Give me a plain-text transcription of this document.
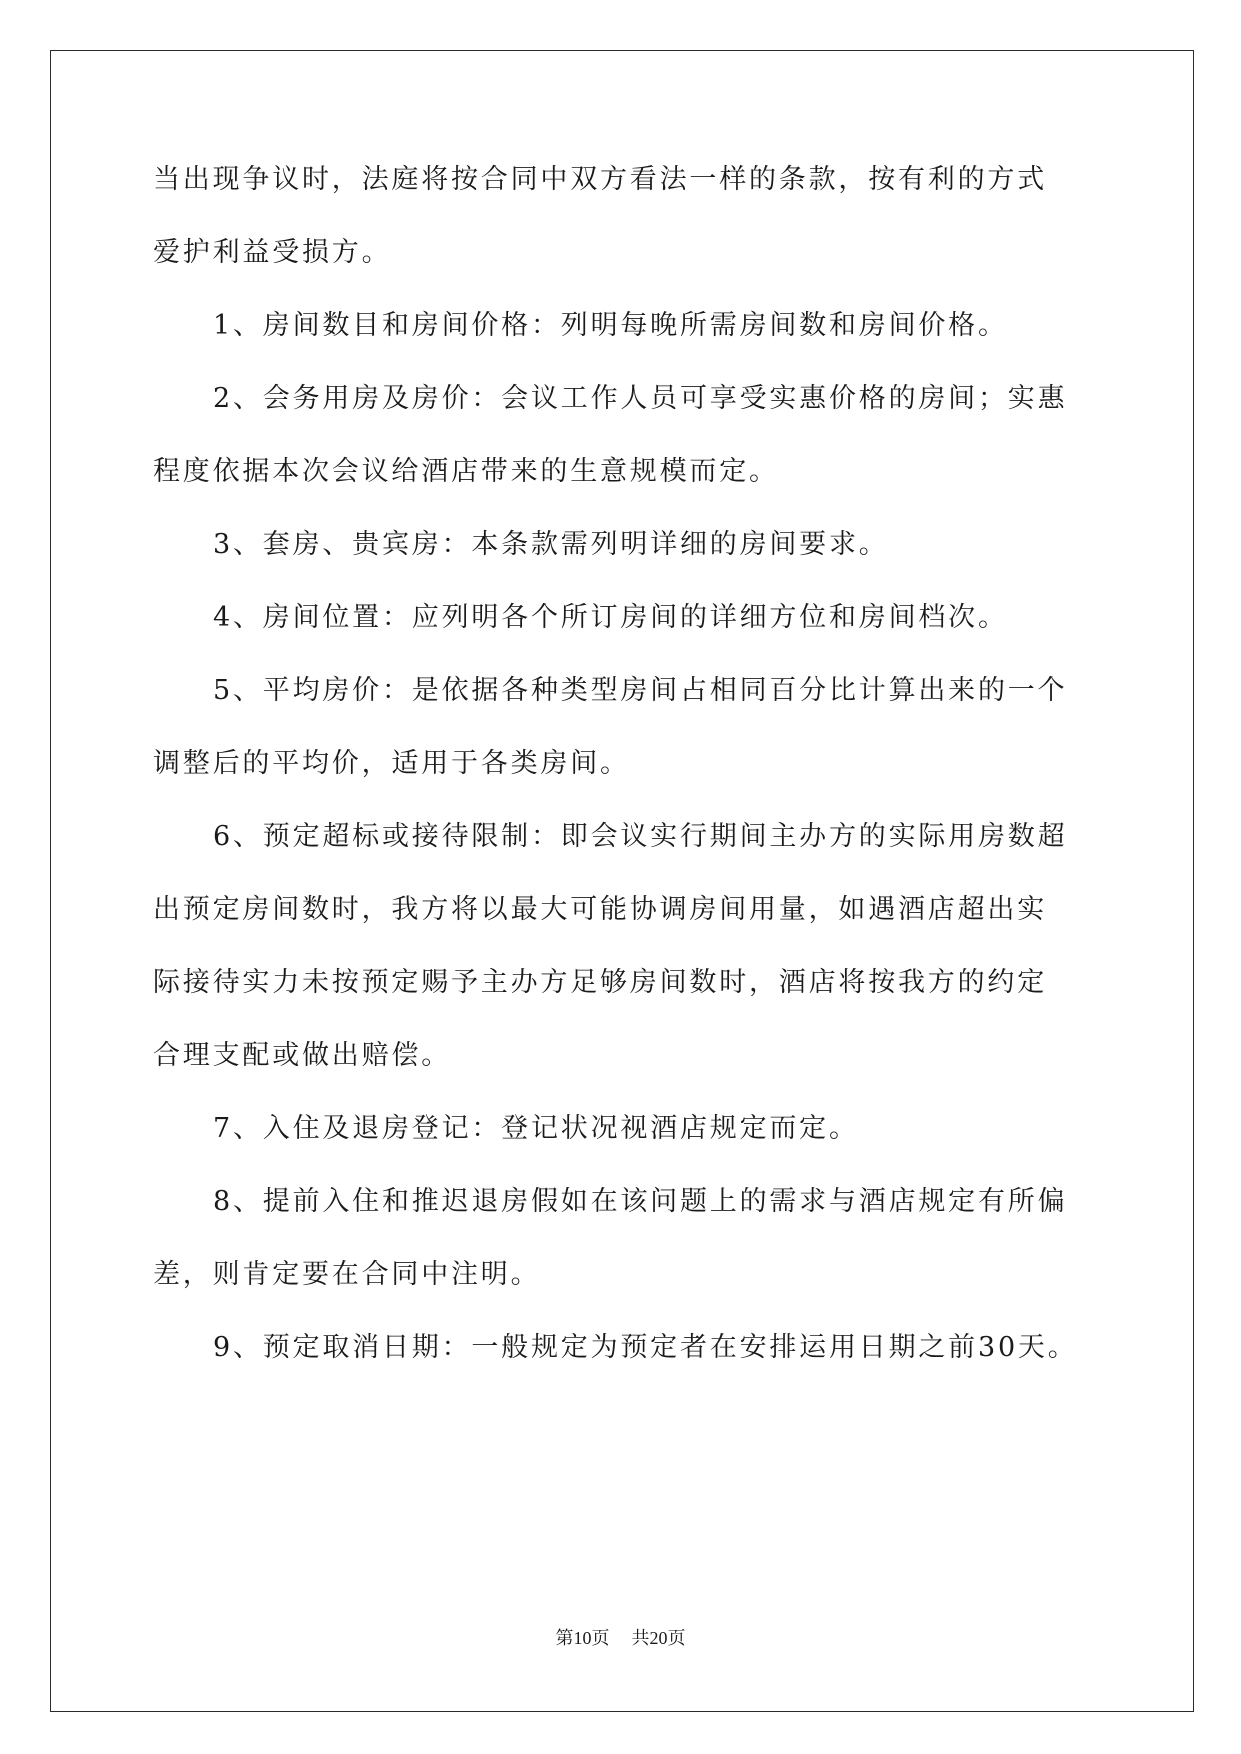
当出现争议时，法庭将按合同中双方看法一样的条款，按有利的方式
爱护利益受损方。
1、房间数目和房间价格：列明每晚所需房间数和房间价格。
2、会务用房及房价：会议工作人员可享受实惠价格的房间；实惠
程度依据本次会议给酒店带来的生意规模而定。
3、套房、贵宾房：本条款需列明详细的房间要求。
4、房间位置：应列明各个所订房间的详细方位和房间档次。
5、平均房价：是依据各种类型房间占相同百分比计算出来的一个
调整后的平均价，适用于各类房间。
6、预定超标或接待限制：即会议实行期间主办方的实际用房数超
出预定房间数时，我方将以最大可能协调房间用量，如遇酒店超出实
际接待实力未按预定赐予主办方足够房间数时，酒店将按我方的约定
合理支配或做出赔偿。
7、入住及退房登记：登记状况视酒店规定而定。
8、提前入住和推迟退房假如在该问题上的需求与酒店规定有所偏
差，则肯定要在合同中注明。
9、预定取消日期：一般规定为预定者在安排运用日期之前30天。
第10页 共20页
